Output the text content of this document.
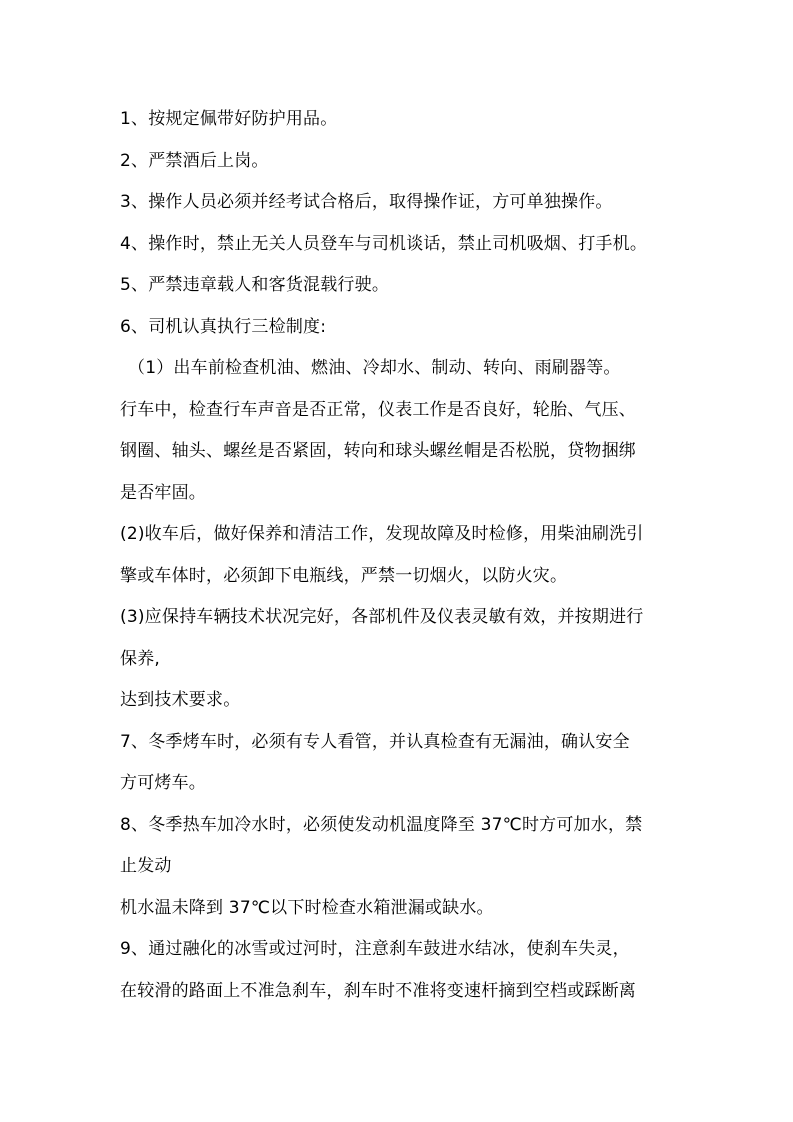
1、按规定佩带好防护用品。
2、严禁酒后上岗。
3、操作人员必须并经考试合格后，取得操作证，方可单独操作。
4、操作时，禁止无关人员登车与司机谈话，禁止司机吸烟、打手机。
5、严禁违章载人和客货混载行驶。
6、司机认真执行三检制度:
（1）出车前检查机油、燃油、冷却水、制动、转向、雨刷器等。
行车中，检查行车声音是否正常，仪表工作是否良好，轮胎、气压、
钢圈、轴头、螺丝是否紧固，转向和球头螺丝帽是否松脱，贷物捆绑
是否牢固。
(2)收车后，做好保养和清洁工作，发现故障及时检修，用柴油刷洗引
擎或车体时，必须卸下电瓶线，严禁一切烟火，以防火灾。
(3)应保持车辆技术状况完好，各部机件及仪表灵敏有效，并按期进行
保养,
达到技术要求。
7、冬季烤车时，必须有专人看管，并认真检查有无漏油，确认安全
方可烤车。
8、冬季热车加冷水时，必须使发动机温度降至 37℃时方可加水，禁
止发动
机水温未降到 37℃以下时检查水箱泄漏或缺水。
9、通过融化的冰雪或过河时，注意刹车鼓进水结冰，使刹车失灵，
在较滑的路面上不准急刹车，刹车时不准将变速杆摘到空档或踩断离
